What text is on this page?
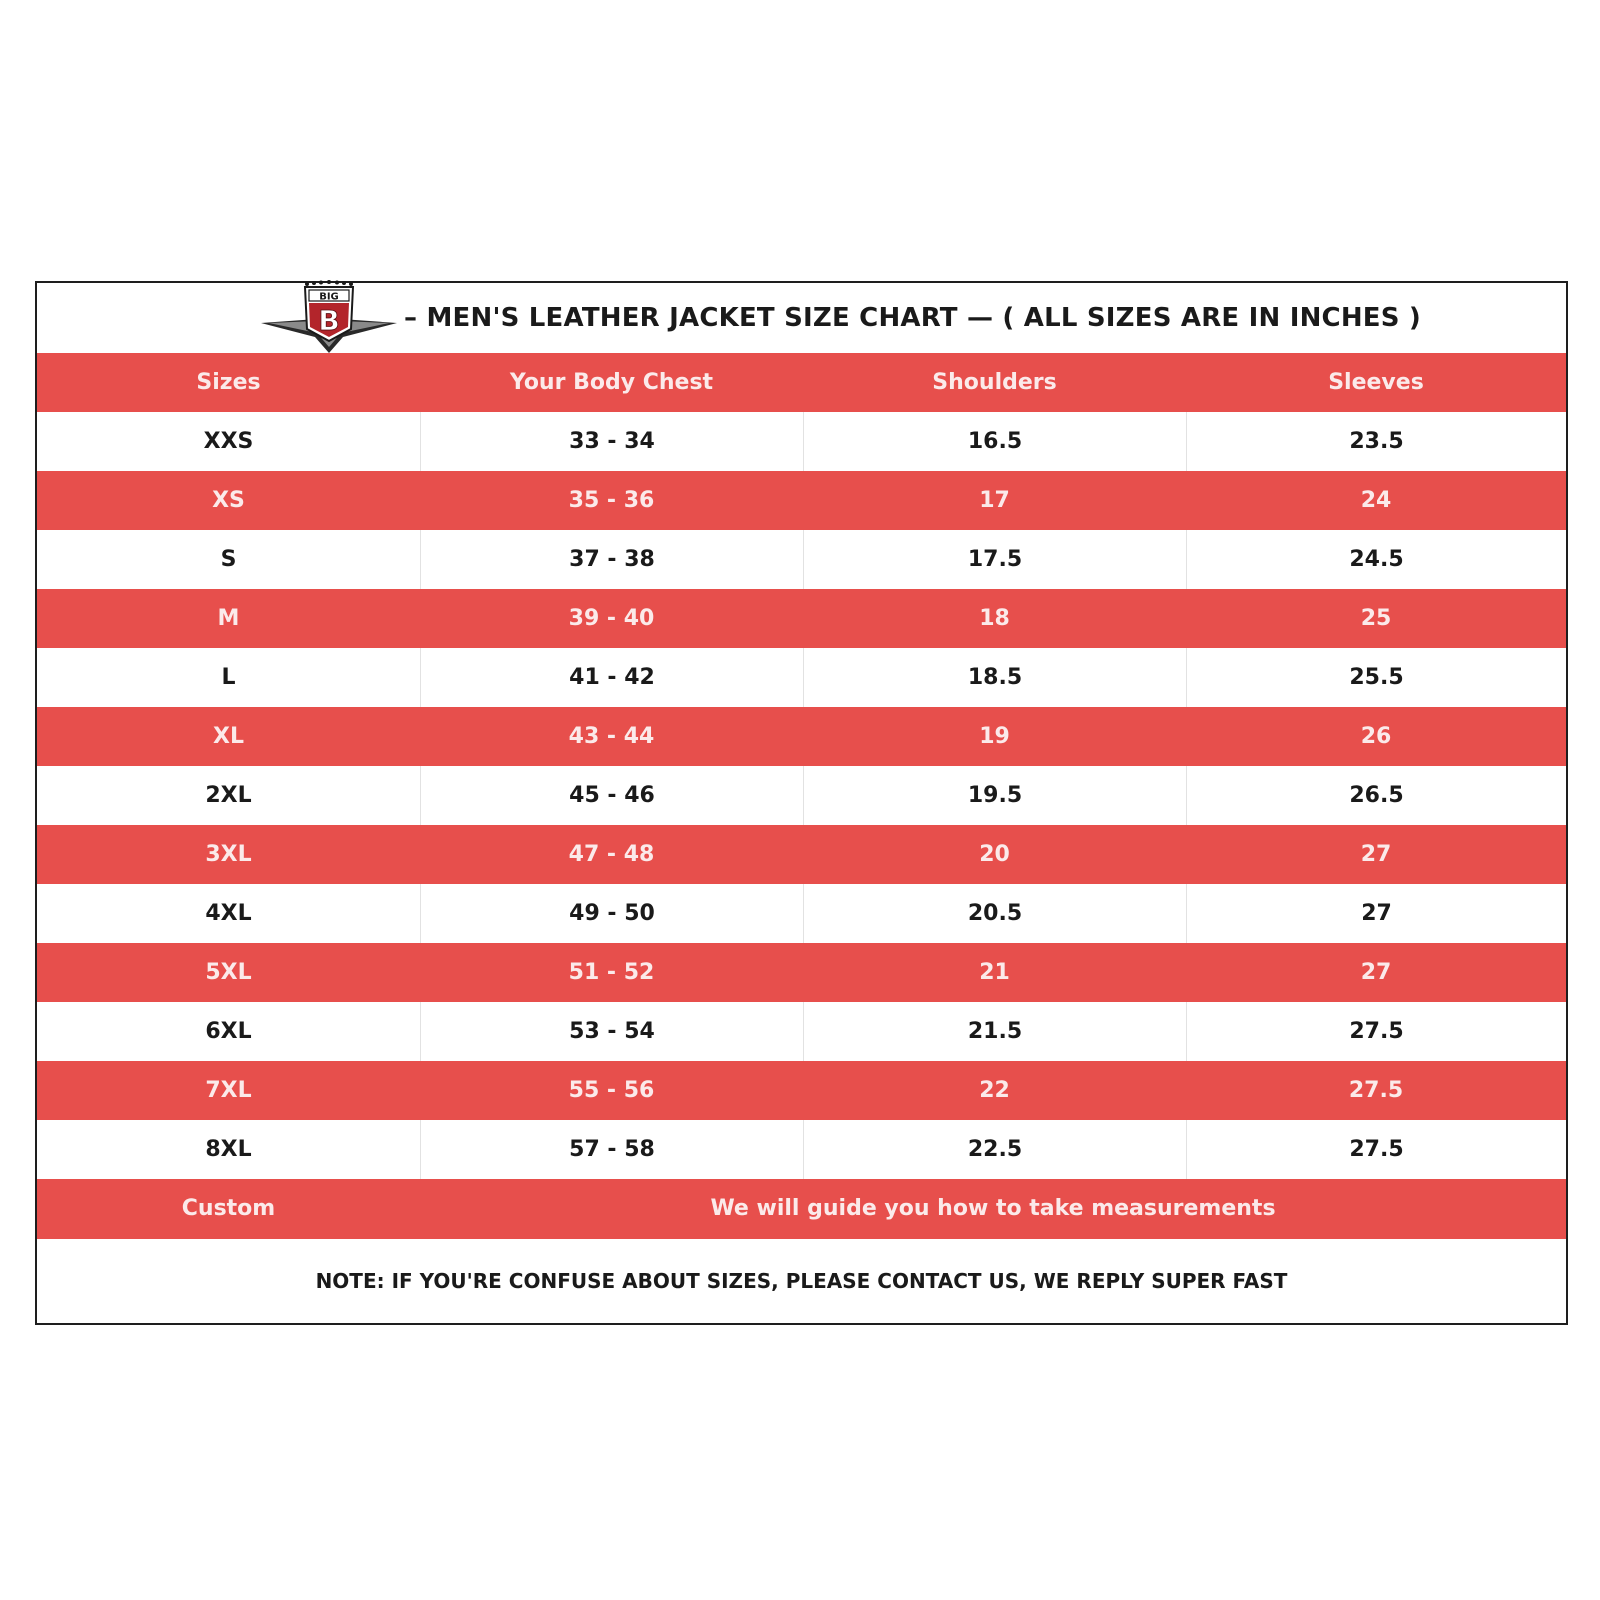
BIG
B – MEN'S LEATHER JACKET SIZE CHART — ( ALL SIZES ARE IN INCHES )
Sizes	Your Body Chest	Shoulders	Sleeves
XXS	33 - 34	16.5	23.5
XS	35 - 36	17	24
S	37 - 38	17.5	24.5
M	39 - 40	18	25
L	41 - 42	18.5	25.5
XL	43 - 44	19	26
2XL	45 - 46	19.5	26.5
3XL	47 - 48	20	27
4XL	49 - 50	20.5	27
5XL	51 - 52	21	27
6XL	53 - 54	21.5	27.5
7XL	55 - 56	22	27.5
8XL	57 - 58	22.5	27.5
Custom	We will guide you how to take measurements
NOTE: IF YOU'RE CONFUSE ABOUT SIZES, PLEASE CONTACT US, WE REPLY SUPER FAST
